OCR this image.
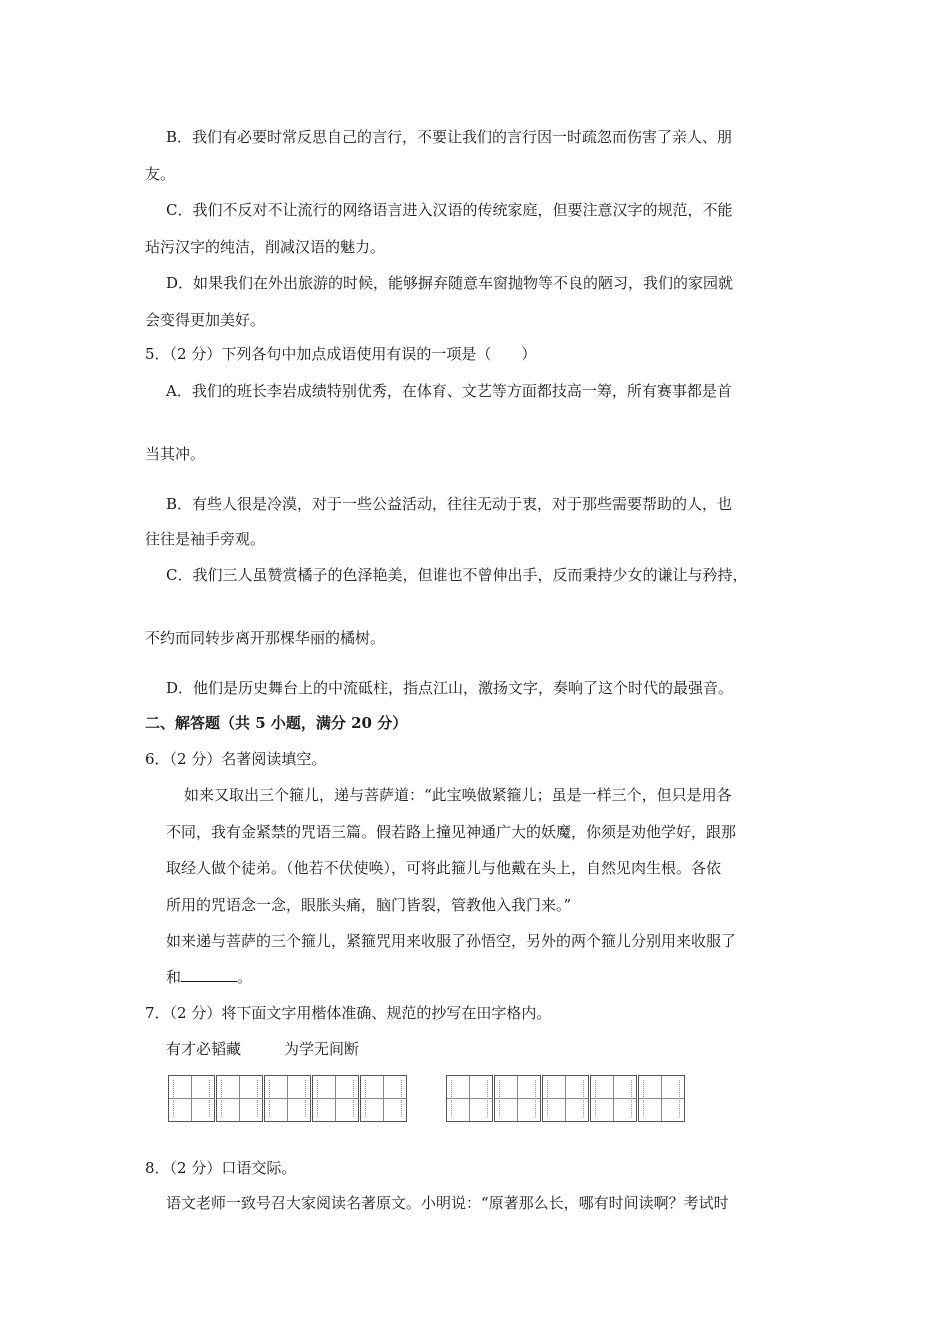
B．我们有必要时常反思自己的言行，不要让我们的言行因一时疏忽而伤害了亲人、朋
友。
C．我们不反对不让流行的网络语言进入汉语的传统家庭，但要注意汉字的规范，不能
玷污汉字的纯洁，削减汉语的魅力。
D．如果我们在外出旅游的时候，能够摒弃随意车窗抛物等不良的陋习，我们的家园就
会变得更加美好。
5．（2 分）下列各句中加点成语使用有误的一项是（　　）
A．我们的班长李岩成绩特别优秀，在体育、文艺等方面都技高一筹，所有赛事都是首
当其冲。
B．有些人很是冷漠，对于一些公益活动，往往无动于衷，对于那些需要帮助的人，也
往往是袖手旁观。
C．我们三人虽赞赏橘子的色泽艳美，但谁也不曾伸出手，反而秉持少女的谦让与矜持，
不约而同转步离开那棵华丽的橘树。
D．他们是历史舞台上的中流砥柱，指点江山，激扬文字，奏响了这个时代的最强音。
二、解答题（共 5 小题，满分 20 分）
6．（2 分）名著阅读填空。
如来又取出三个箍儿，递与菩萨道：“此宝唤做紧箍儿；虽是一样三个，但只是用各
不同，我有金紧禁的咒语三篇。假若路上撞见神通广大的妖魔，你须是劝他学好，跟那
取经人做个徒弟。（他若不伏使唤），可将此箍儿与他戴在头上，自然见肉生根。各依
所用的咒语念一念，眼胀头痛，脑门皆裂，管教他入我门来。”
如来递与菩萨的三个箍儿，紧箍咒用来收服了孙悟空，另外的两个箍儿分别用来收服了
和	。
7．（2 分）将下面文字用楷体准确、规范的抄写在田字格内。
有才必韬藏	为学无间断
8．（2 分）口语交际。
语文老师一致号召大家阅读名著原文。小明说：“原著那么长，哪有时间读啊？考试时
